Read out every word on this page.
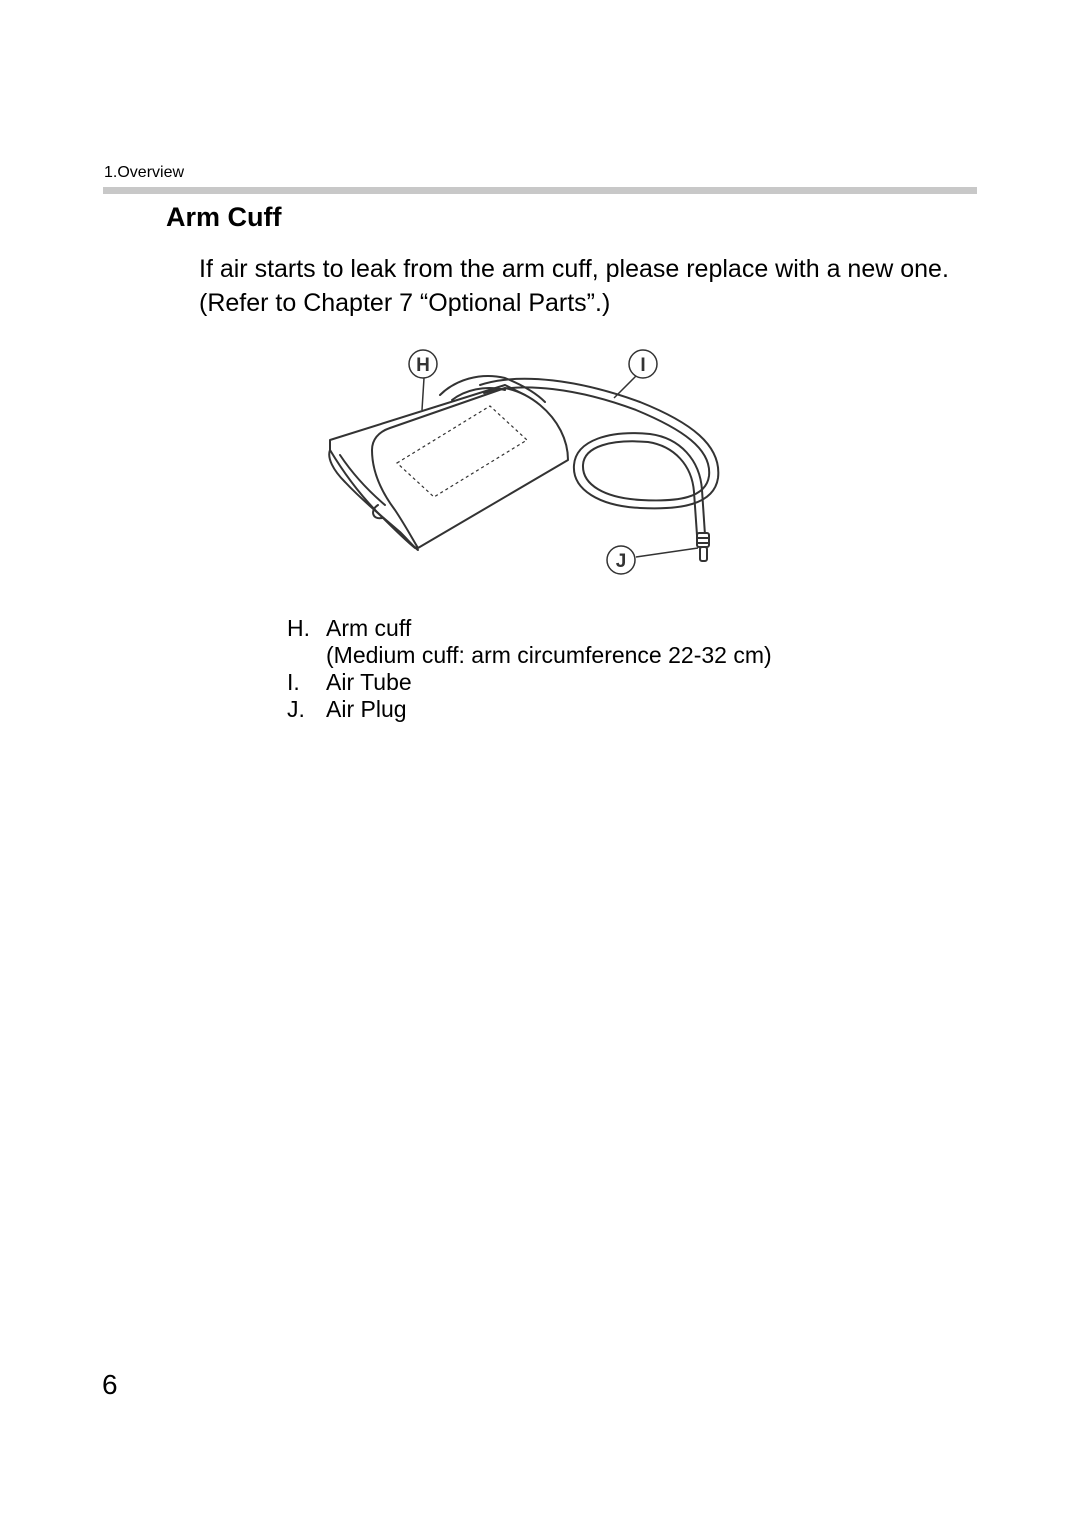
1.Overview
Arm Cuff

If air starts to leak from the arm cuff, please replace with a new one. (Refer to Chapter 7 “Optional Parts”.)

H	I
J
H. Arm cuff
(Medium cuff: arm circumference 22-32 cm)
I. Air Tube
J. Air Plug
6
